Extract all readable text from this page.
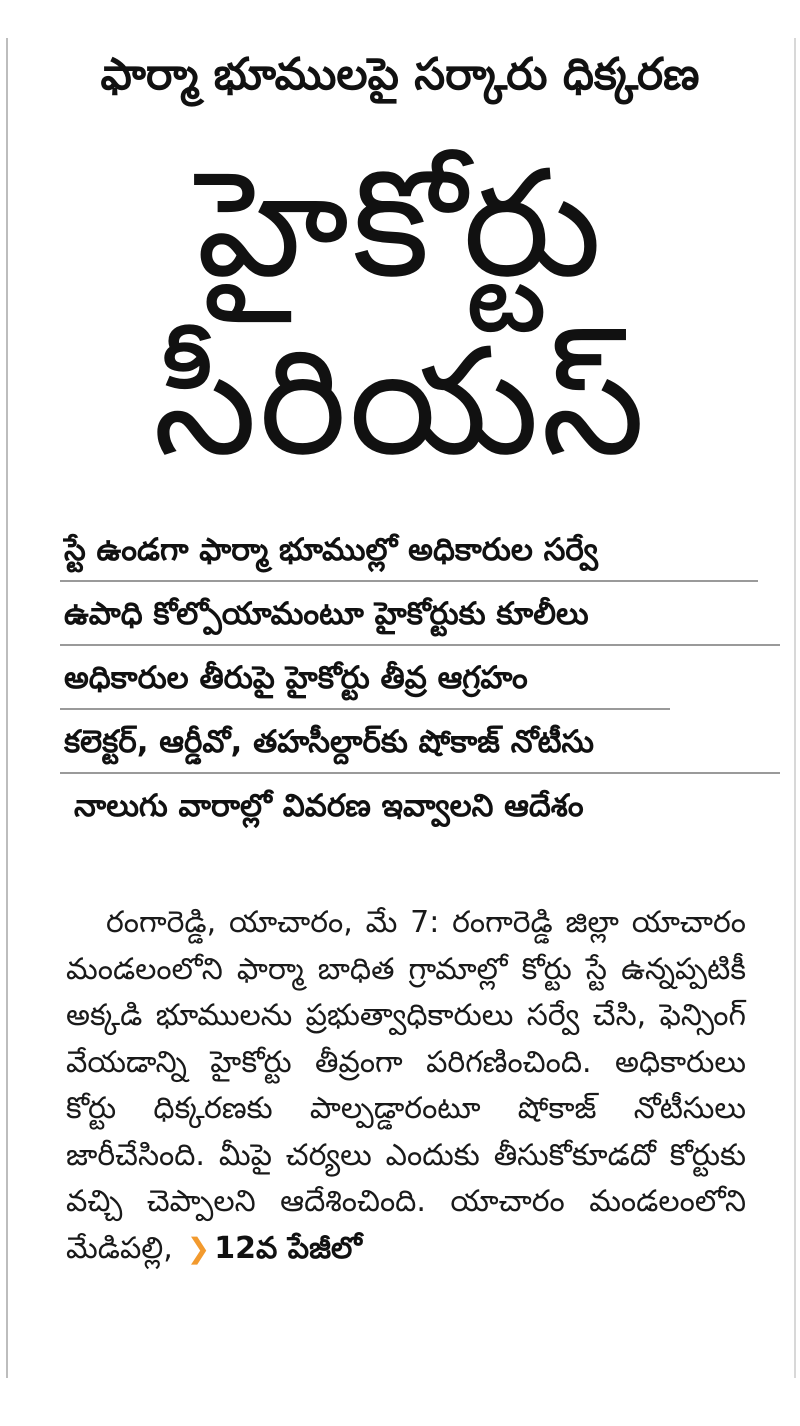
ఫార్మా భూములపై సర్కారు ధిక్కరణ
హైకోర్టు
సీరియస్‌
స్టే ఉండగా ఫార్మా భూముల్లో అధికారుల సర్వే
ఉపాధి కోల్పోయామంటూ హైకోర్టుకు కూలీలు
అధికారుల తీరుపై హైకోర్టు తీవ్ర ఆగ్రహం
కలెక్టర్‌, ఆర్డీవో, తహసీల్దార్‌కు షోకాజ్‌ నోటీసు
నాలుగు వారాల్లో వివరణ ఇవ్వాలని ఆదేశం

రంగారెడ్డి, యాచారం, మే 7: రంగారెడ్డి జిల్లా యాచారం మండలంలోని ఫార్మా బాధిత గ్రామాల్లో కోర్టు స్టే ఉన్నప్పటికీ అక్కడి భూములను ప్రభుత్వాధికారులు సర్వే చేసి, ఫెన్సింగ్‌ వేయడాన్ని హైకోర్టు తీవ్రంగా పరిగణించింది. అధికారులు కోర్టు ధిక్కరణకు పాల్పడ్డారంటూ షోకాజ్‌ నోటీసులు జారీచేసింది. మీపై చర్యలు ఎందుకు తీసుకోకూడదో కోర్టుకు వచ్చి చెప్పాలని ఆదేశించింది. యాచారం మండలంలోని మేడిపల్లి, ❯ 12వ పేజీలో
